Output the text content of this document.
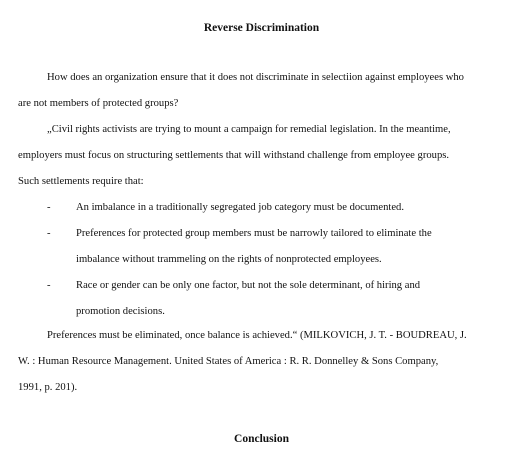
Reverse Discrimination
How does an organization ensure that it does not discriminate in selectiion against employees who
are not members of protected groups?
„Civil rights activists are trying to mount a campaign for remedial legislation. In the meantime,
employers must focus on structuring settlements that will withstand challenge from employee groups.
Such settlements require that:
- An imbalance in a traditionally segregated job category must be documented.
- Preferences for protected group members must be narrowly tailored to eliminate the
imbalance without trammeling on the rights of nonprotected employees.
- Race or gender can be only one factor, but not the sole determinant, of hiring and
promotion decisions.
Preferences must be eliminated, once balance is achieved.“ (MILKOVICH, J. T. - BOUDREAU, J.
W. : Human Resource Management. United States of America : R. R. Donnelley & Sons Company,
1991, p. 201).
Conclusion
